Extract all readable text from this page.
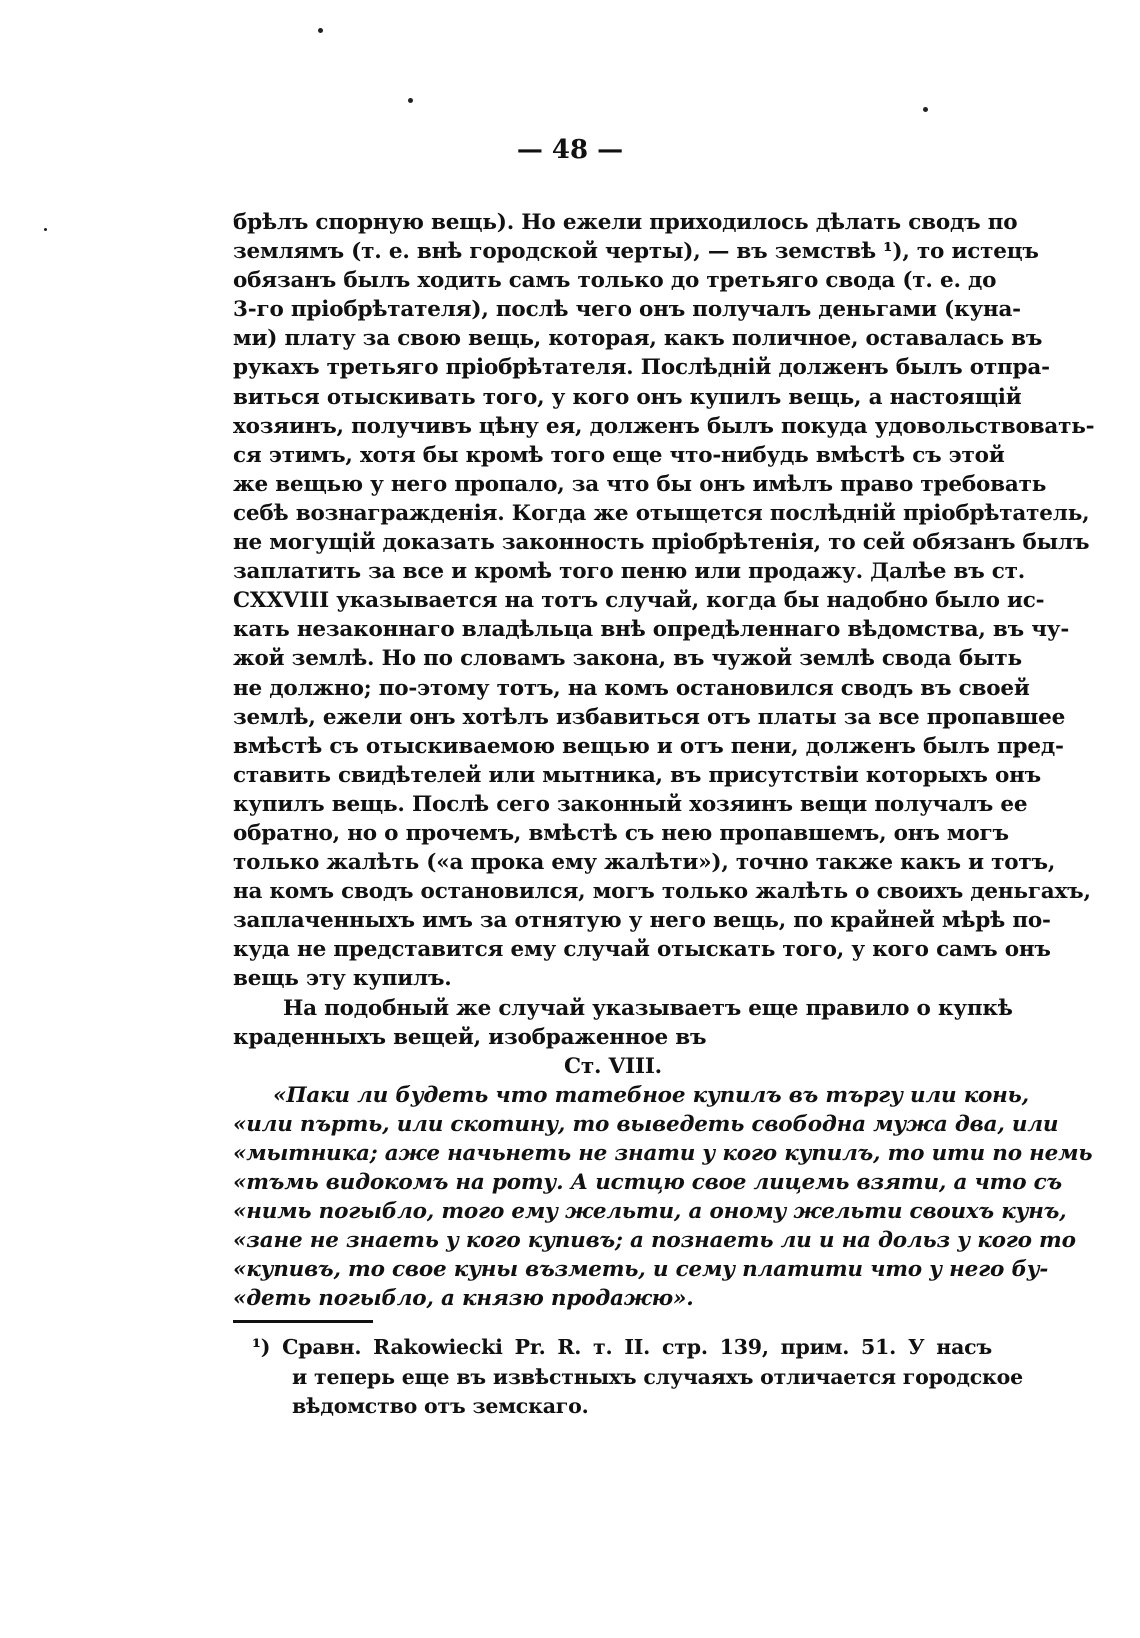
— 48 —
брѣлъ спорную вещь). Но ежели приходилось дѣлать сводъ по
землямъ (т. е. внѣ городской черты), — въ земствѣ ¹), то истецъ
обязанъ былъ ходить самъ только до третьяго свода (т. е. до
3-го пріобрѣтателя), послѣ чего онъ получалъ деньгами (куна-
ми) плату за свою вещь, которая, какъ поличное, оставалась въ
рукахъ третьяго пріобрѣтателя. Послѣдній долженъ былъ отпра-
виться отыскивать того, у кого онъ купилъ вещь, а настоящій
хозяинъ, получивъ цѣну ея, долженъ былъ покуда удовольствовать-
ся этимъ, хотя бы кромѣ того еще что-нибудь вмѣстѣ съ этой
же вещью у него пропало, за что бы онъ имѣлъ право требовать
себѣ вознагражденія. Когда же отыщется послѣдній пріобрѣтатель,
не могущій доказать законность пріобрѣтенія, то сей обязанъ былъ
заплатить за все и кромѣ того пеню или продажу. Далѣе въ ст.
CXXVIII указывается на тотъ случай, когда бы надобно было ис-
кать незаконнаго владѣльца внѣ опредѣленнаго вѣдомства, въ чу-
жой землѣ. Но по словамъ закона, въ чужой землѣ свода быть
не должно; по-этому тотъ, на комъ остановился сводъ въ своей
землѣ, ежели онъ хотѣлъ избавиться отъ платы за все пропавшее
вмѣстѣ съ отыскиваемою вещью и отъ пени, долженъ былъ пред-
ставить свидѣтелей или мытника, въ присутствіи которыхъ онъ
купилъ вещь. Послѣ сего законный хозяинъ вещи получалъ ее
обратно, но о прочемъ, вмѣстѣ съ нею пропавшемъ, онъ могъ
только жалѣть («а прока ему жалѣти»), точно также какъ и тотъ,
на комъ сводъ остановился, могъ только жалѣть о своихъ деньгахъ,
заплаченныхъ имъ за отнятую у него вещь, по крайней мѣрѣ по-
куда не представится ему случай отыскать того, у кого самъ онъ
вещь эту купилъ.
На подобный же случай указываетъ еще правило о купкѣ
краденныхъ вещей, изображенное въ
Ст. VIII.
«Паки ли будеть что татебное купилъ въ търгу или конь,
«или пърть, или скотину, то выведеть свободна мужа два, или
«мытника; аже начьнеть не знати у кого купилъ, то ити по немь
«тъмь видокомъ на роту. А истцю свое лицемь взяти, а что съ
«нимь погыбло, того ему жельти, а оному жельти своихъ кунъ,
«зане не знаеть у кого купивъ; а познаеть ли и на дольз у кого то
«купивъ, то свое куны възметь, и сему платити что у него бу-
«деть погыбло, а князю продажю».
¹) Сравн. Rakowiecki Pr. R. т. II. стр. 139, прим. 51. У насъ
и теперь еще въ извѣстныхъ случаяхъ отличается городское
вѣдомство отъ земскаго.
